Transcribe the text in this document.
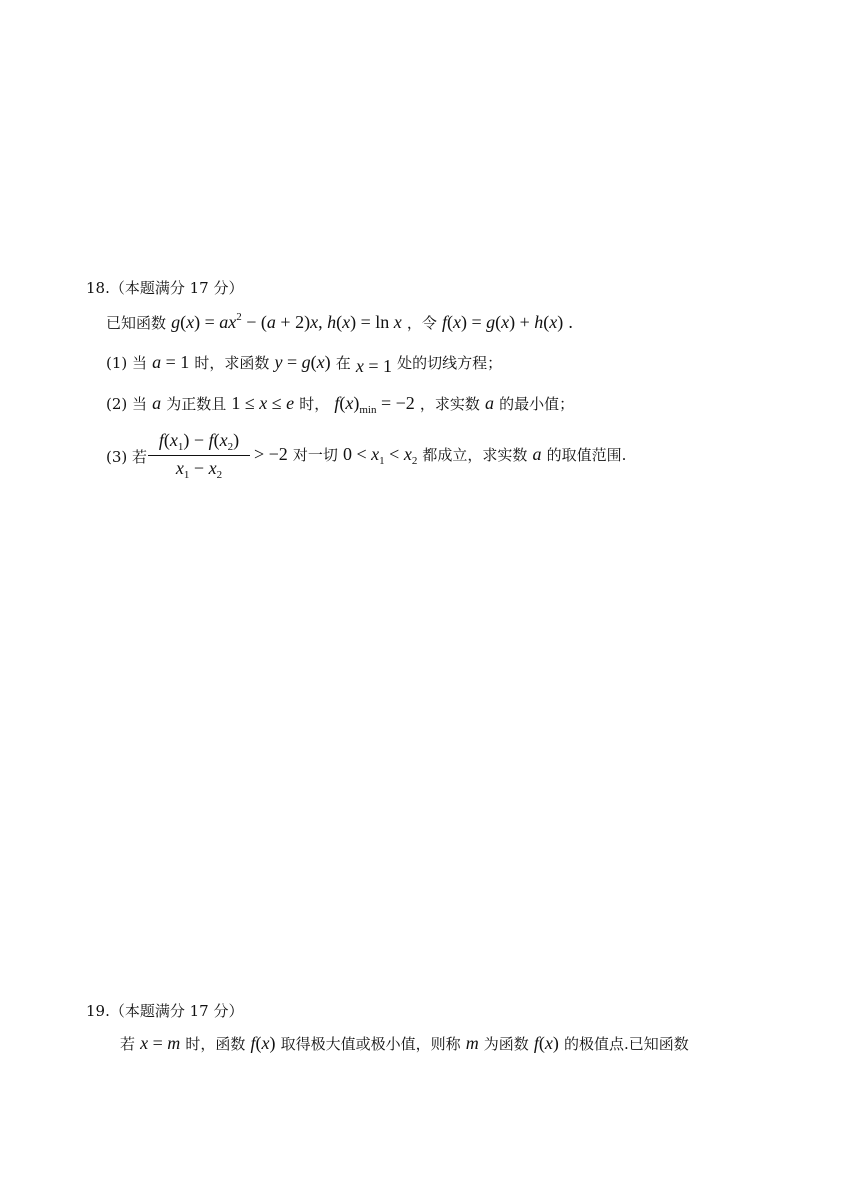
18.（本题满分 17 分）
已知函数 $g(x) = ax^2 - (a + 2)x$, h(x) = ln x ，令 f(x) = g(x) + h(x) .
(1) 当 a = 1 时，求函数 y = g(x) 在 x = 1 处的切线方程；
(2) 当 a 为正数且 1 ≤ x ≤ e 时， $f(x)_{min} = -2$ ，求实数 a 的最小值；
(3) 若
$f(x_1) - f(x_2)$
$x_1 - x_2$
> −2 对一切 $0 < x_1 < x_2$ 都成立，求实数 a 的取值范围.
19.（本题满分 17 分）
若 x = m 时，函数 f(x) 取得极大值或极小值，则称 m 为函数 f(x) 的极值点.已知函数
